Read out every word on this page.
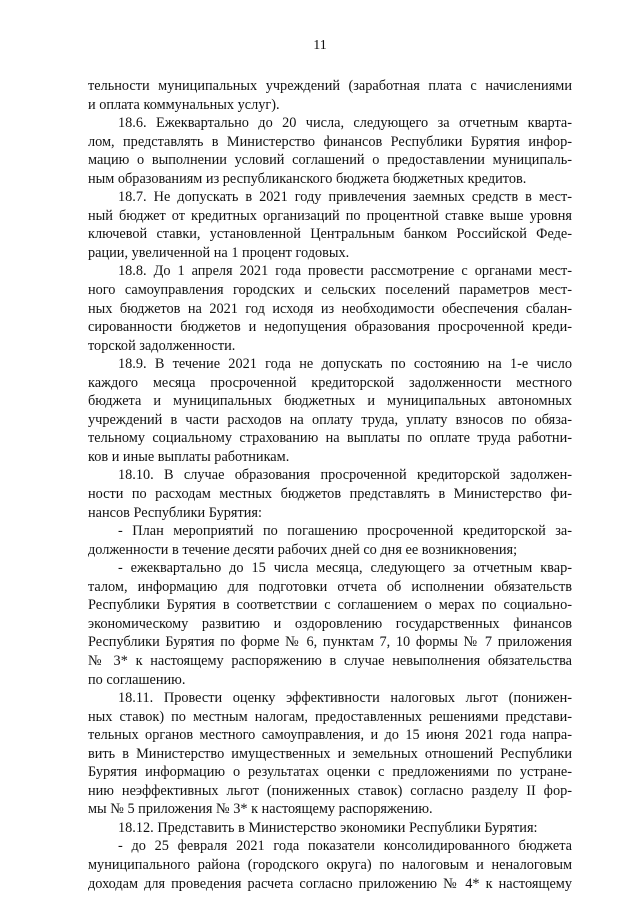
11
тельности муниципальных учреждений (заработная плата с начислениями
и оплата коммунальных услуг).
18.6. Ежеквартально до 20 числа, следующего за отчетным кварта-
лом, представлять в Министерство финансов Республики Бурятия инфор-
мацию о выполнении условий соглашений о предоставлении муниципаль-
ным образованиям из республиканского бюджета бюджетных кредитов.
18.7. Не допускать в 2021 году привлечения заемных средств в мест-
ный бюджет от кредитных организаций по процентной ставке выше уровня
ключевой ставки, установленной Центральным банком Российской Феде-
рации, увеличенной на 1 процент годовых.
18.8. До 1 апреля 2021 года провести рассмотрение с органами мест-
ного самоуправления городских и сельских поселений параметров мест-
ных бюджетов на 2021 год исходя из необходимости обеспечения сбалан-
сированности бюджетов и недопущения образования просроченной креди-
торской задолженности.
18.9. В течение 2021 года не допускать по состоянию на 1-е число
каждого месяца просроченной кредиторской задолженности местного
бюджета и муниципальных бюджетных и муниципальных автономных
учреждений в части расходов на оплату труда, уплату взносов по обяза-
тельному социальному страхованию на выплаты по оплате труда работни-
ков и иные выплаты работникам.
18.10. В случае образования просроченной кредиторской задолжен-
ности по расходам местных бюджетов представлять в Министерство фи-
нансов Республики Бурятия:
- План мероприятий по погашению просроченной кредиторской за-
долженности в течение десяти рабочих дней со дня ее возникновения;
- ежеквартально до 15 числа месяца, следующего за отчетным квар-
талом, информацию для подготовки отчета об исполнении обязательств
Республики Бурятия в соответствии с соглашением о мерах по социально-
экономическому развитию и оздоровлению государственных финансов
Республики Бурятия по форме № 6, пунктам 7, 10 формы № 7 приложения
№ 3* к настоящему распоряжению в случае невыполнения обязательства
по соглашению.
18.11. Провести оценку эффективности налоговых льгот (понижен-
ных ставок) по местным налогам, предоставленных решениями представи-
тельных органов местного самоуправления, и до 15 июня 2021 года напра-
вить в Министерство имущественных и земельных отношений Республики
Бурятия информацию о результатах оценки с предложениями по устране-
нию неэффективных льгот (пониженных ставок) согласно разделу II фор-
мы № 5 приложения № 3* к настоящему распоряжению.
18.12. Представить в Министерство экономики Республики Бурятия:
- до 25 февраля 2021 года показатели консолидированного бюджета
муниципального района (городского округа) по налоговым и неналоговым
доходам для проведения расчета согласно приложению № 4* к настоящему
